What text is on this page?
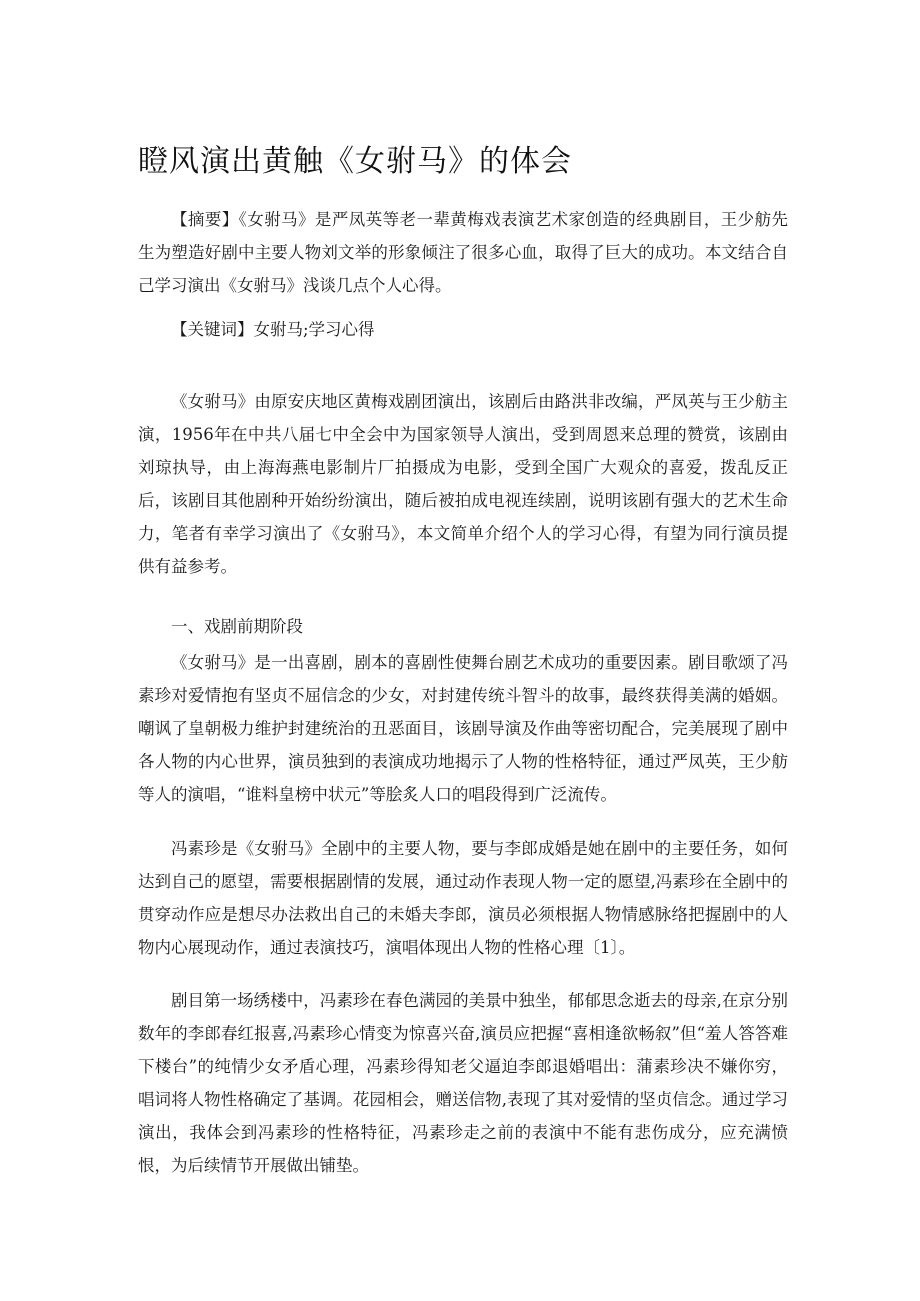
瞪风演出黄触《女驸马》的体会

【摘要】《女驸马》是严凤英等老一辈黄梅戏表演艺术家创造的经典剧目，王少舫先生为塑造好剧中主要人物刘文举的形象倾注了很多心血，取得了巨大的成功。本文结合自己学习演出《女驸马》浅谈几点个人心得。

【关键词】女驸马;学习心得

《女驸马》由原安庆地区黄梅戏剧团演出，该剧后由路洪非改编，严凤英与王少舫主演，1956年在中共八届七中全会中为国家领导人演出，受到周恩来总理的赞赏，该剧由刘琼执导，由上海海燕电影制片厂拍摄成为电影，受到全国广大观众的喜爱，拨乱反正后，该剧目其他剧种开始纷纷演出，随后被拍成电视连续剧，说明该剧有强大的艺术生命力，笔者有幸学习演出了《女驸马》，本文简单介绍个人的学习心得，有望为同行演员提供有益参考。

一、戏剧前期阶段

《女驸马》是一出喜剧，剧本的喜剧性使舞台剧艺术成功的重要因素。剧目歌颂了冯素珍对爱情抱有坚贞不屈信念的少女，对封建传统斗智斗的故事，最终获得美满的婚姻。嘲讽了皇朝极力维护封建统治的丑恶面目，该剧导演及作曲等密切配合，完美展现了剧中各人物的内心世界，演员独到的表演成功地揭示了人物的性格特征，通过严凤英，王少舫等人的演唱，“谁料皇榜中状元”等脍炙人口的唱段得到广泛流传。

冯素珍是《女驸马》全剧中的主要人物，要与李郎成婚是她在剧中的主要任务，如何达到自己的愿望，需要根据剧情的发展，通过动作表现人物一定的愿望,冯素珍在全剧中的贯穿动作应是想尽办法救出自己的未婚夫李郎，演员必须根据人物情感脉络把握剧中的人物内心展现动作，通过表演技巧，演唱体现出人物的性格心理〔1〕。

剧目第一场绣楼中，冯素珍在春色满园的美景中独坐，郁郁思念逝去的母亲,在京分别数年的李郎春红报喜,冯素珍心情变为惊喜兴奋,演员应把握“喜相逢欲畅叙”但“羞人答答难下楼台”的纯情少女矛盾心理，冯素珍得知老父逼迫李郎退婚唱出：蒲素珍决不嫌你穷，唱词将人物性格确定了基调。花园相会，赠送信物,表现了其对爱情的坚贞信念。通过学习演出，我体会到冯素珍的性格特征，冯素珍走之前的表演中不能有悲伤成分，应充满愤恨，为后续情节开展做出铺垫。
